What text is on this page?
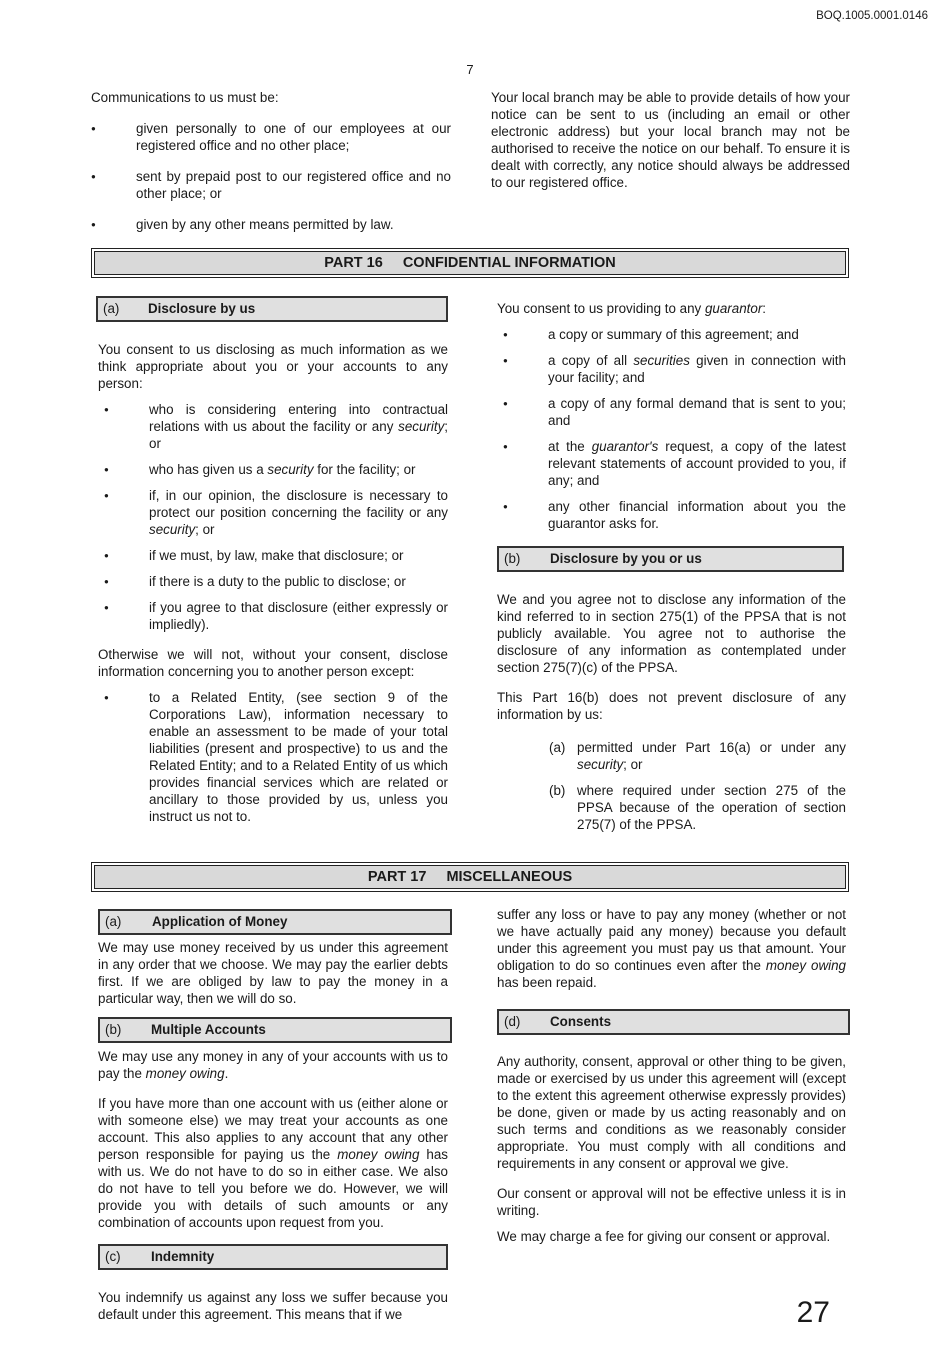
BOQ.1005.0001.0146
7
27

Communications to us must be:

● given personally to one of our employees at our registered office and no other place;
● sent by prepaid post to our registered office and no other place; or
● given by any other means permitted by law.

Your local branch may be able to provide details of how your notice can be sent to us (including an email or other electronic address) but your local branch may not be authorised to receive the notice on our behalf. To ensure it is dealt with correctly, any notice should always be addressed to our registered office.

PART 16 CONFIDENTIAL INFORMATION
(a) Disclosure by us

You consent to us disclosing as much information as we think appropriate about you or your accounts to any person:

● who is considering entering into contractual relations with us about the facility or any security; or
● who has given us a security for the facility; or
● if, in our opinion, the disclosure is necessary to protect our position concerning the facility or any security; or
● if we must, by law, make that disclosure; or
● if there is a duty to the public to disclose; or
● if you agree to that disclosure (either expressly or impliedly).

Otherwise we will not, without your consent, disclose information concerning you to another person except:

● to a Related Entity, (see section 9 of the Corporations Law), information necessary to enable an assessment to be made of your total liabilities (present and prospective) to us and the Related Entity; and to a Related Entity of us which provides financial services which are related or ancillary to those provided by us, unless you instruct us not to.

You consent to us providing to any guarantor:

● a copy or summary of this agreement; and
● a copy of all securities given in connection with your facility; and
● a copy of any formal demand that is sent to you; and
● at the guarantor's request, a copy of the latest relevant statements of account provided to you, if any; and
● any other financial information about you the guarantor asks for.
(b) Disclosure by you or us

We and you agree not to disclose any information of the kind referred to in section 275(1) of the PPSA that is not publicly available. You agree not to authorise the disclosure of any information as contemplated under section 275(7)(c) of the PPSA.

This Part 16(b) does not prevent disclosure of any information by us:

(a) permitted under Part 16(a) or under any security; or
(b) where required under section 275 of the PPSA because of the operation of section 275(7) of the PPSA.
PART 17 MISCELLANEOUS
(a) Application of Money

We may use money received by us under this agreement in any order that we choose. We may pay the earlier debts first. If we are obliged by law to pay the money in a particular way, then we will do so.

(b) Multiple Accounts

We may use any money in any of your accounts with us to pay the money owing.

If you have more than one account with us (either alone or with someone else) we may treat your accounts as one account. This also applies to any account that any other person responsible for paying us the money owing has with us. We do not have to do so in either case. We also do not have to tell you before we do. However, we will provide you with details of such amounts or any combination of accounts upon request from you.

(c) Indemnity

You indemnify us against any loss we suffer because you default under this agreement. This means that if we

suffer any loss or have to pay any money (whether or not we have actually paid any money) because you default under this agreement you must pay us that amount. Your obligation to do so continues even after the money owing has been repaid.

(d) Consents

Any authority, consent, approval or other thing to be given, made or exercised by us under this agreement will (except to the extent this agreement otherwise expressly provides) be done, given or made by us acting reasonably and on such terms and conditions as we reasonably consider appropriate. You must comply with all conditions and requirements in any consent or approval we give.

Our consent or approval will not be effective unless it is in writing.

We may charge a fee for giving our consent or approval.
